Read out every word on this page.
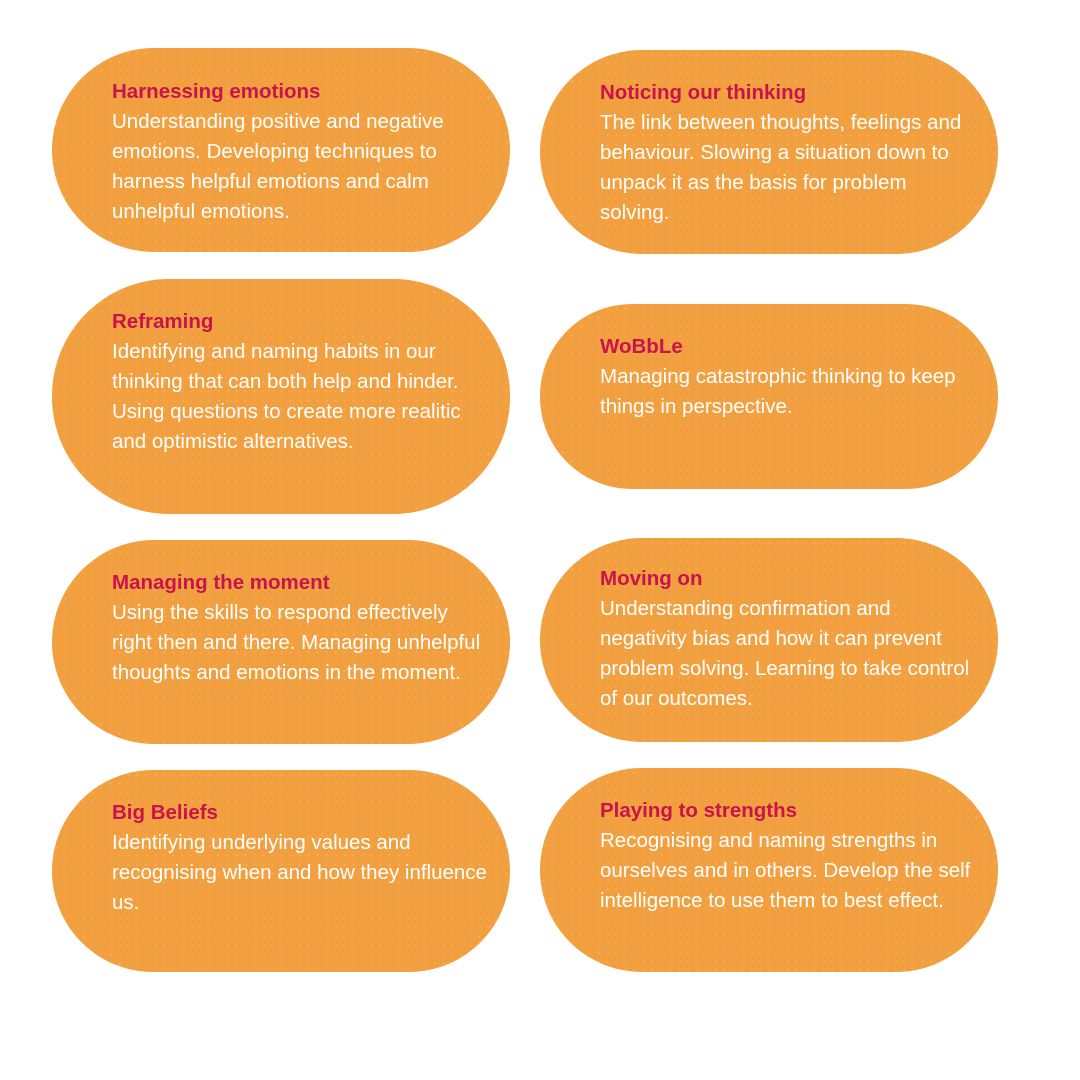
Harnessing emotions
Understanding positive and negative emotions. Developing techniques to harness helpful emotions and calm unhelpful emotions.
Noticing our thinking
The link between thoughts, feelings and behaviour. Slowing a situation down to unpack it as the basis for problem solving.
Reframing
Identifying and naming habits in our thinking that can both help and hinder. Using questions to create more realitic and optimistic alternatives.
WoBbLe
Managing catastrophic thinking to keep things in perspective.
Managing the moment
Using the skills to respond effectively right then and there. Managing unhelpful thoughts and emotions in the moment.
Moving on
Understanding confirmation and negativity bias and how it can prevent problem solving. Learning to take control of our outcomes.
Big Beliefs
Identifying underlying values and recognising when and how they influence us.
Playing to strengths
Recognising and naming strengths in ourselves and in others. Develop the self intelligence to use them to best effect.
